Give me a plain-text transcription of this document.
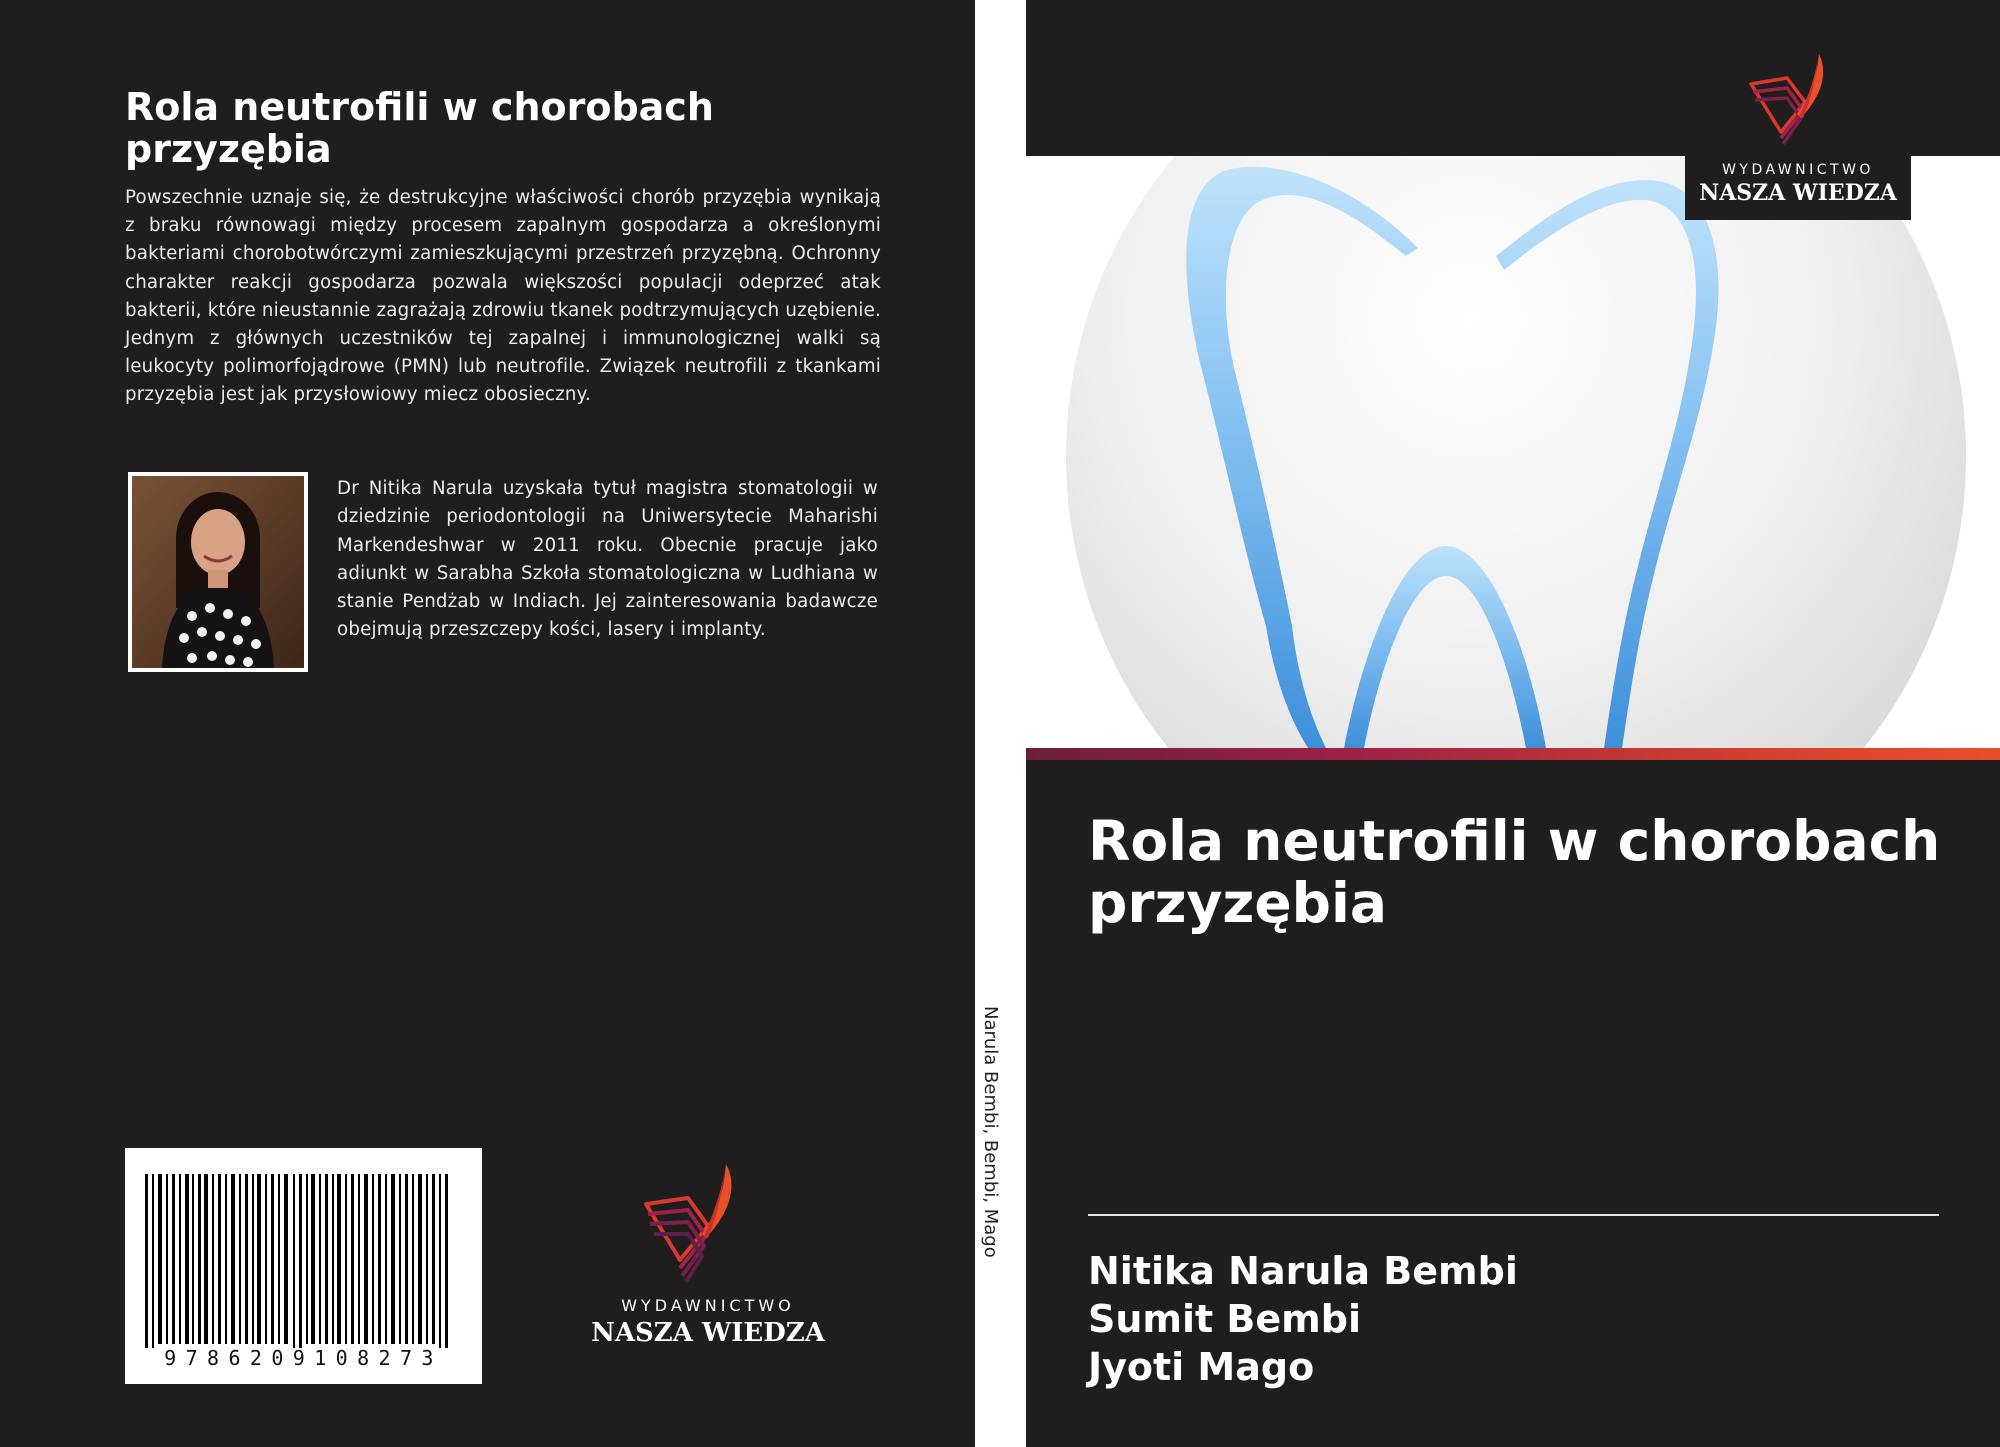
Rola neutrofili w chorobach przyzębia

Powszechnie uznaje się, że destrukcyjne właściwości chorób przyzębia wynikają z braku równowagi między procesem zapalnym gospodarza a określonymi bakteriami chorobotwórczymi zamieszkującymi przestrzeń przyzębną. Ochronny charakter reakcji gospodarza pozwala większości populacji odeprzeć atak bakterii, które nieustannie zagrażają zdrowiu tkanek podtrzymujących uzębienie. Jednym z głównych uczestników tej zapalnej i immunologicznej walki są leukocyty polimorfojądrowe (PMN) lub neutrofile. Związek neutrofili z tkankami przyzębia jest jak przysłowiowy miecz obosieczny.

Dr Nitika Narula uzyskała tytuł magistra stomatologii w dziedzinie periodontologii na Uniwersytecie Maharishi Markendeshwar w 2011 roku. Obecnie pracuje jako adiunkt w Sarabha Szkoła stomatologiczna w Ludhiana w stanie Pendżab w Indiach. Jej zainteresowania badawcze obejmują przeszczepy kości, lasery i implanty.

9786209108273
WYDAWNICTWO
NASZA WIEDZA
Narula Bembi, Bembi, Mago
WYDAWNICTWO
NASZA WIEDZA
Rola neutrofili w chorobach przyzębia
Nitika Narula Bembi
Sumit Bembi
Jyoti Mago
